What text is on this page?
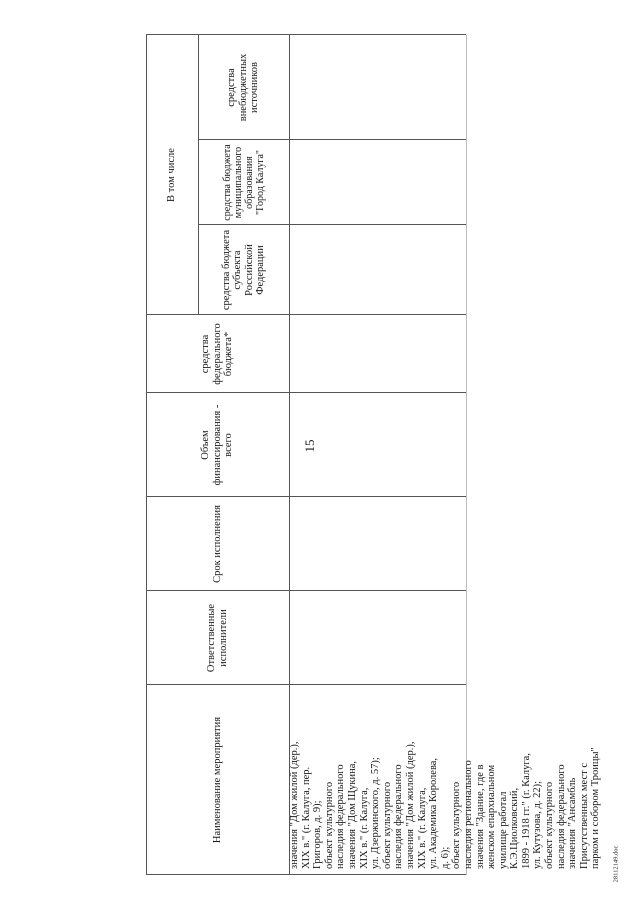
15
Наименование мероприятия
Ответственные исполнители
Срок исполнения
Объем финансирования - всего
средства федерального бюджета*
В том числе
средства бюджета субъекта Российской Федерации
средства бюджета муниципального образования "Город Калуга"
средства внебюджетных источников
значения "Дом жилой (дер.), XIX в." (г. Калуга, пер. Григоров, д. 9); объект культурного наследия федерального значения "Дом Щукина, XIX в." (г. Калуга, ул. Дзержинского, д. 57); объект культурного наследия федерального значения "Дом жилой (дер.), XIX в." (г. Калуга, ул. Академика Королева, д. 6); объект культурного наследия регионального значения "Здание, где в женском епархиальном училище работал К.Э.Циолковский, 1899 - 1918 гг." (г. Калуга, ул. Кутузова, д. 22); объект культурного наследия федерального значения "Ансамбль Присутственных мест с парком и собором Троицы" 28112149.doc
